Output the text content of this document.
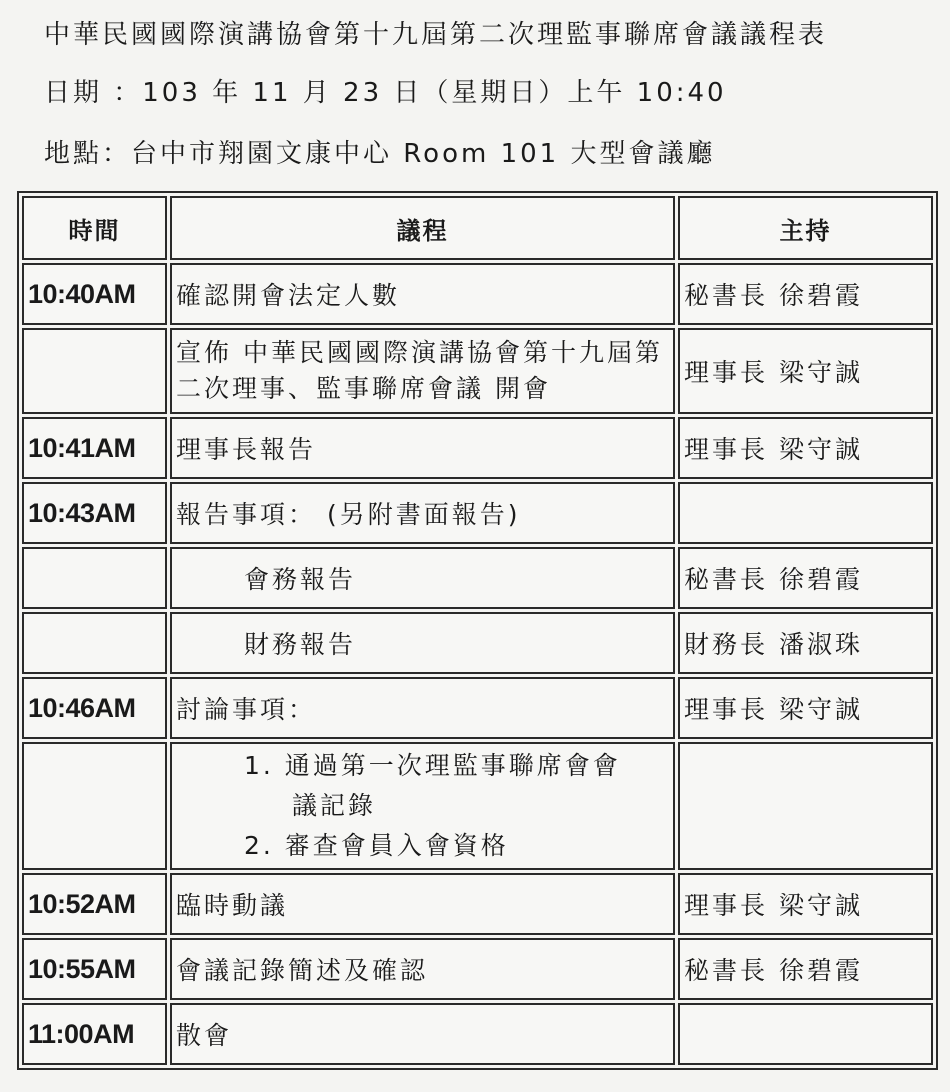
中華民國國際演講協會第十九屆第二次理監事聯席會議議程表
日期 ：103 年 11 月 23 日（星期日）上午 10:40
地點：台中市翔園文康中心 Room 101 大型會議廳
時間	議程	主持
10:40AM	確認開會法定人數	秘書長 徐碧霞
	宣佈 中華民國國際演講協會第十九屆第二次理事、監事聯席會議 開會	理事長 梁守誠
10:41AM	理事長報告	理事長 梁守誠
10:43AM	報告事項： (另附書面報告)	
	會務報告	秘書長 徐碧霞
	財務報告	財務長 潘淑珠
10:46AM	討論事項：	理事長 梁守誠

	1. 通過第一次理監事聯席會會
議記錄
2. 審查會員入會資格	

10:52AM	臨時動議	理事長 梁守誠
10:55AM	會議記錄簡述及確認	秘書長 徐碧霞
11:00AM	散會	
